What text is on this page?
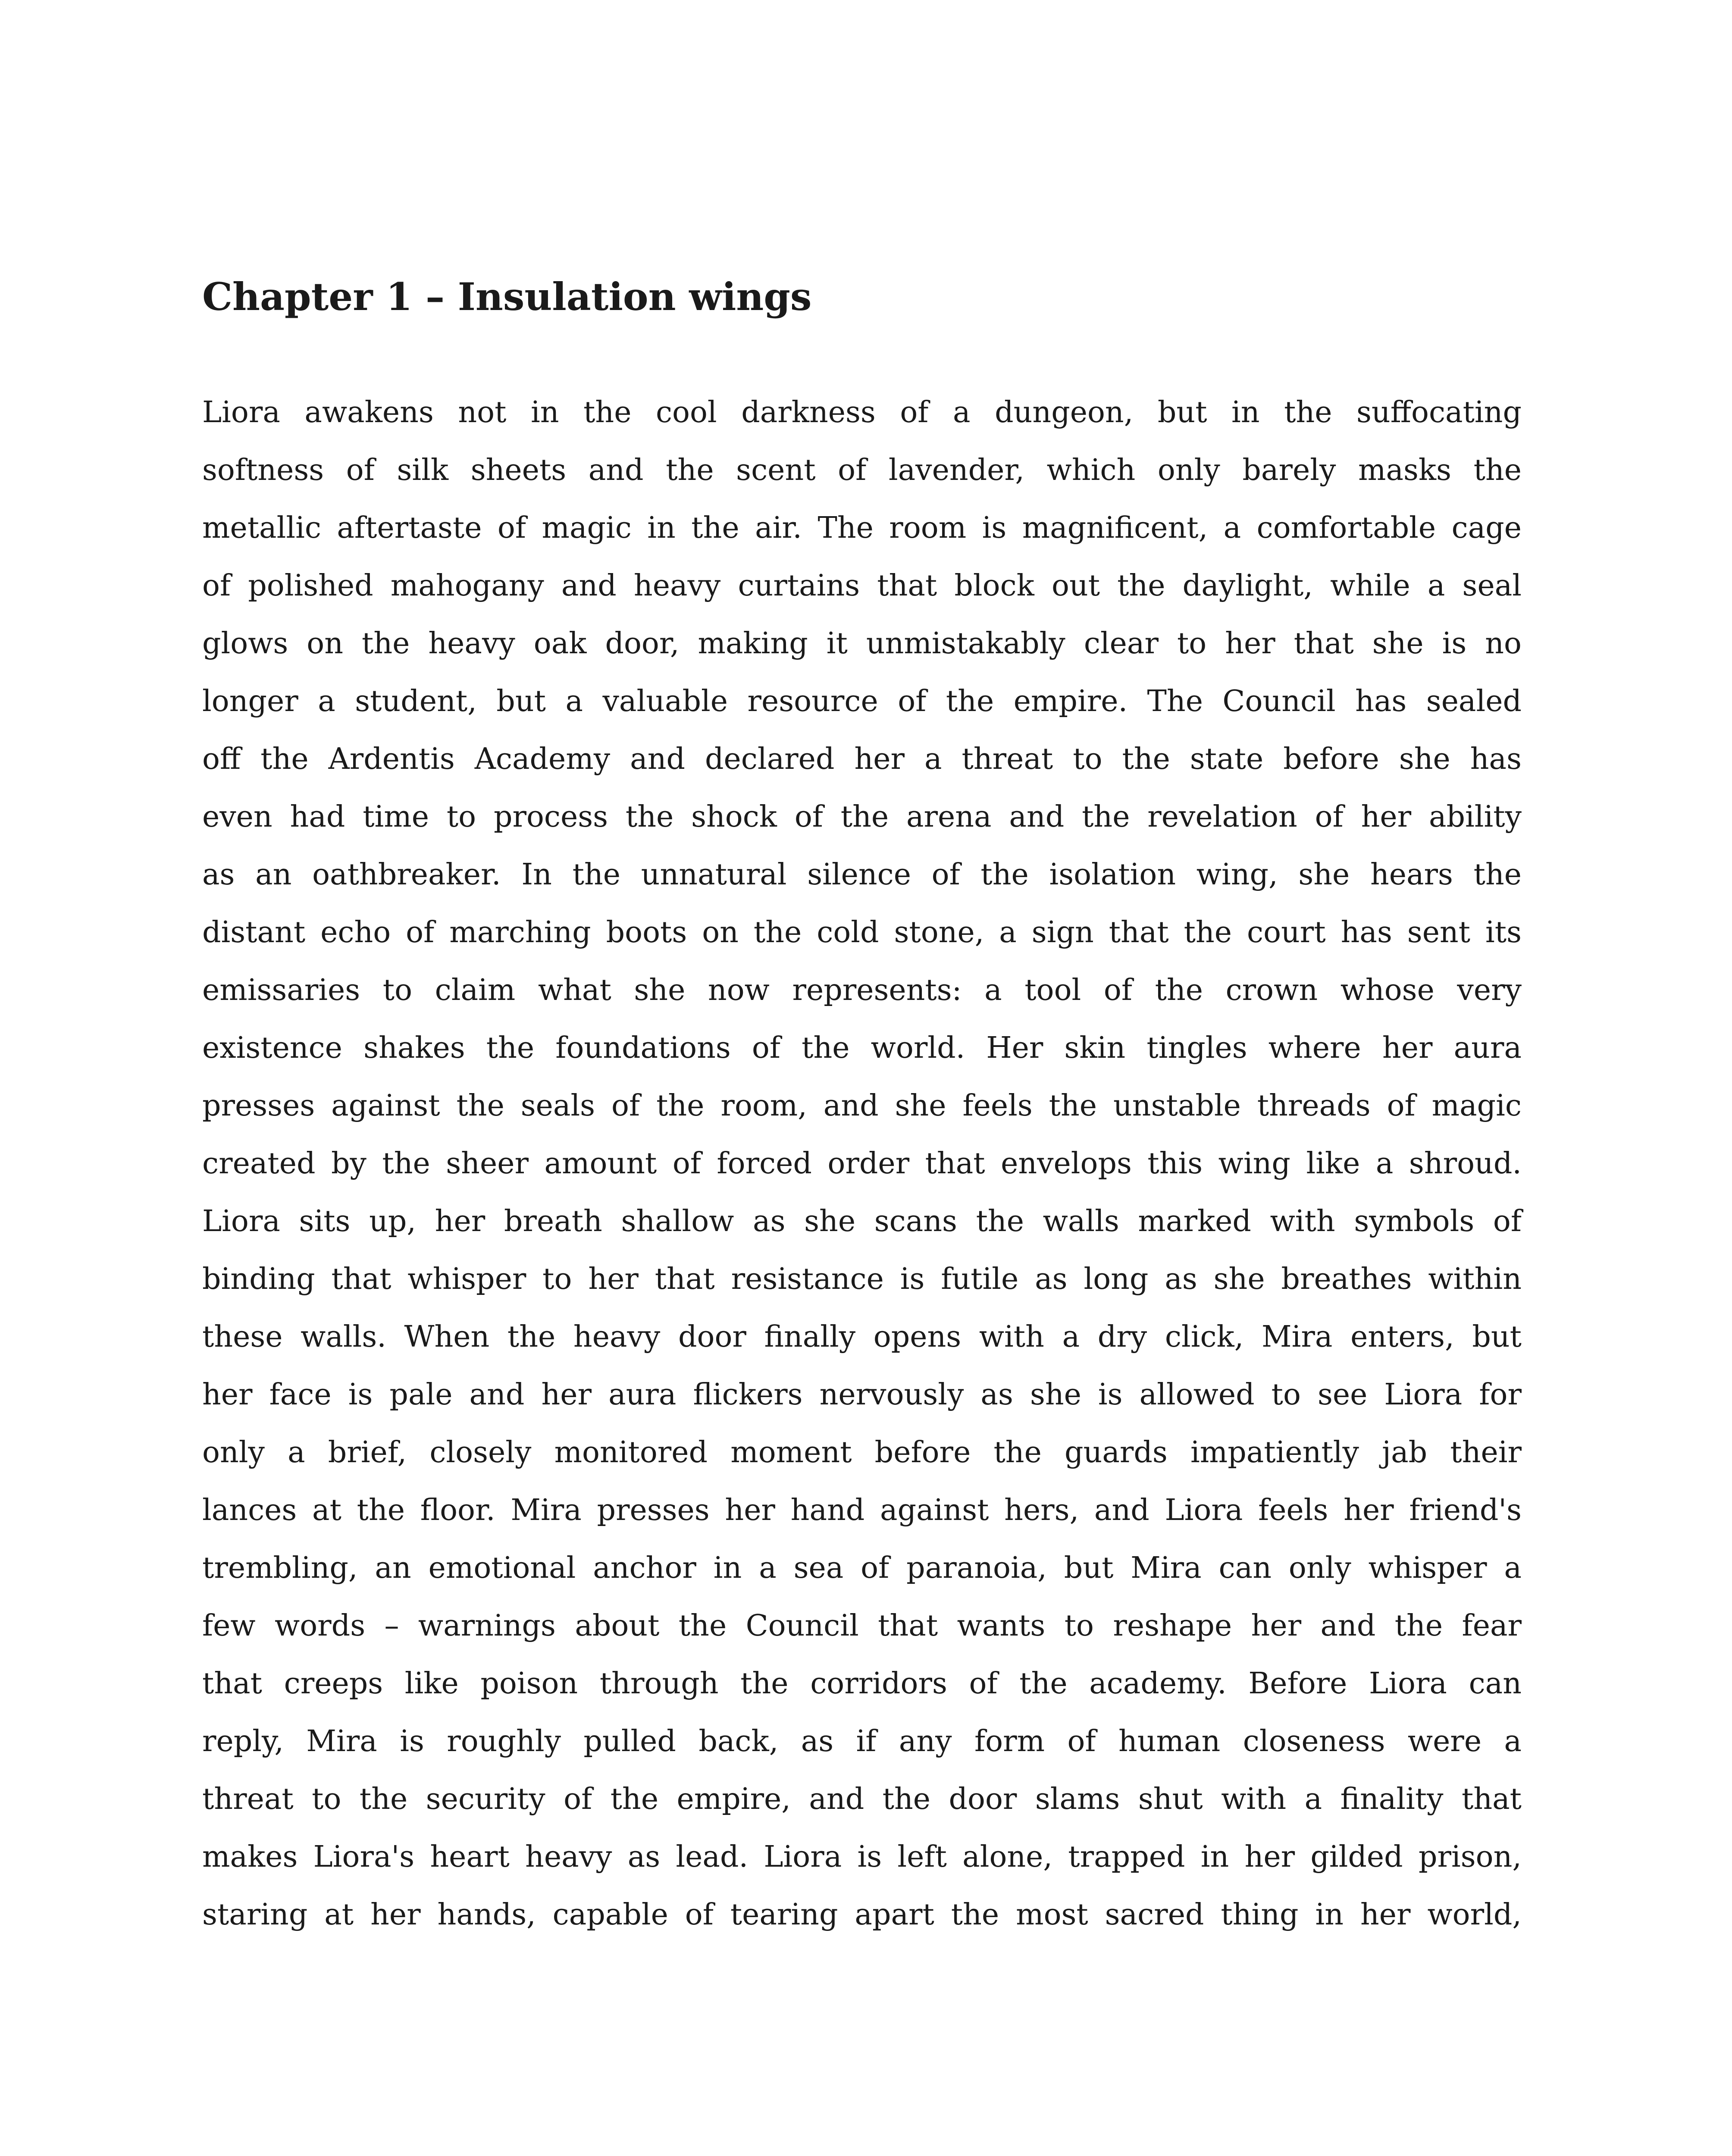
Chapter 1 – Insulation wings
Liora awakens not in the cool darkness of a dungeon, but in the suffocating
softness of silk sheets and the scent of lavender, which only barely masks the
metallic aftertaste of magic in the air. The room is magnificent, a comfortable cage
of polished mahogany and heavy curtains that block out the daylight, while a seal
glows on the heavy oak door, making it unmistakably clear to her that she is no
longer a student, but a valuable resource of the empire. The Council has sealed
off the Ardentis Academy and declared her a threat to the state before she has
even had time to process the shock of the arena and the revelation of her ability
as an oathbreaker. In the unnatural silence of the isolation wing, she hears the
distant echo of marching boots on the cold stone, a sign that the court has sent its
emissaries to claim what she now represents: a tool of the crown whose very
existence shakes the foundations of the world. Her skin tingles where her aura
presses against the seals of the room, and she feels the unstable threads of magic
created by the sheer amount of forced order that envelops this wing like a shroud.
Liora sits up, her breath shallow as she scans the walls marked with symbols of
binding that whisper to her that resistance is futile as long as she breathes within
these walls. When the heavy door finally opens with a dry click, Mira enters, but
her face is pale and her aura flickers nervously as she is allowed to see Liora for
only a brief, closely monitored moment before the guards impatiently jab their
lances at the floor. Mira presses her hand against hers, and Liora feels her friend's
trembling, an emotional anchor in a sea of paranoia, but Mira can only whisper a
few words – warnings about the Council that wants to reshape her and the fear
that creeps like poison through the corridors of the academy. Before Liora can
reply, Mira is roughly pulled back, as if any form of human closeness were a
threat to the security of the empire, and the door slams shut with a finality that
makes Liora's heart heavy as lead. Liora is left alone, trapped in her gilded prison,
staring at her hands, capable of tearing apart the most sacred thing in her world,
